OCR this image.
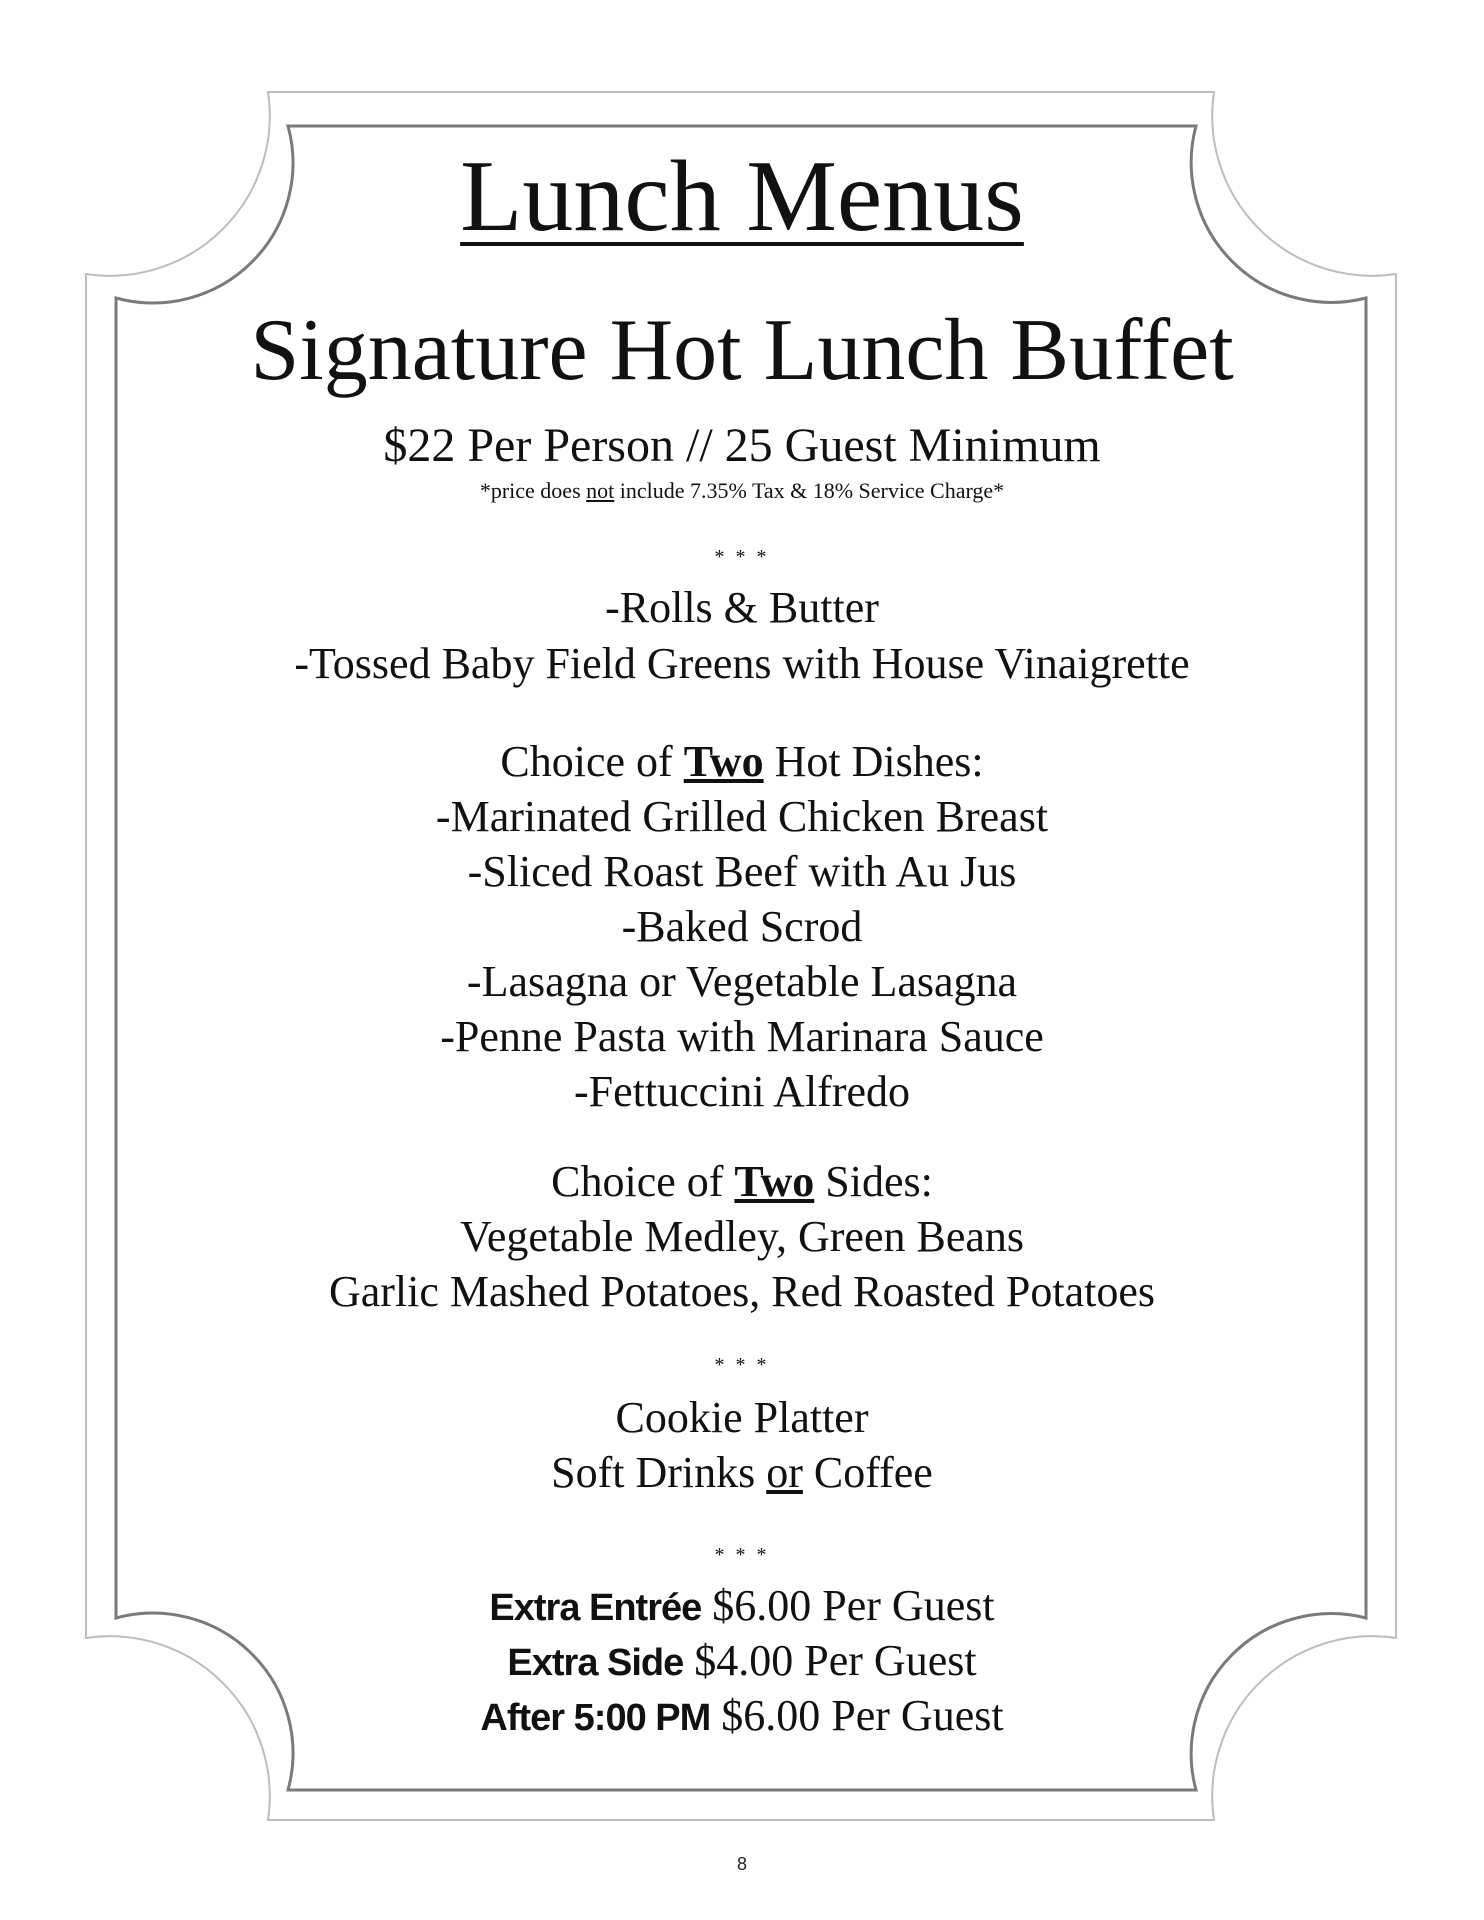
Lunch Menus
Signature Hot Lunch Buffet
$22 Per Person // 25 Guest Minimum
*price does not include 7.35% Tax & 18% Service Charge*
* * *
-Rolls & Butter
-Tossed Baby Field Greens with House Vinaigrette
Choice of Two Hot Dishes:
-Marinated Grilled Chicken Breast
-Sliced Roast Beef with Au Jus
-Baked Scrod
-Lasagna or Vegetable Lasagna
-Penne Pasta with Marinara Sauce
-Fettuccini Alfredo
Choice of Two Sides:
Vegetable Medley, Green Beans
Garlic Mashed Potatoes, Red Roasted Potatoes
* * *
Cookie Platter
Soft Drinks or Coffee
* * *
Extra Entrée $6.00 Per Guest
Extra Side $4.00 Per Guest
After 5:00 PM $6.00 Per Guest
8
